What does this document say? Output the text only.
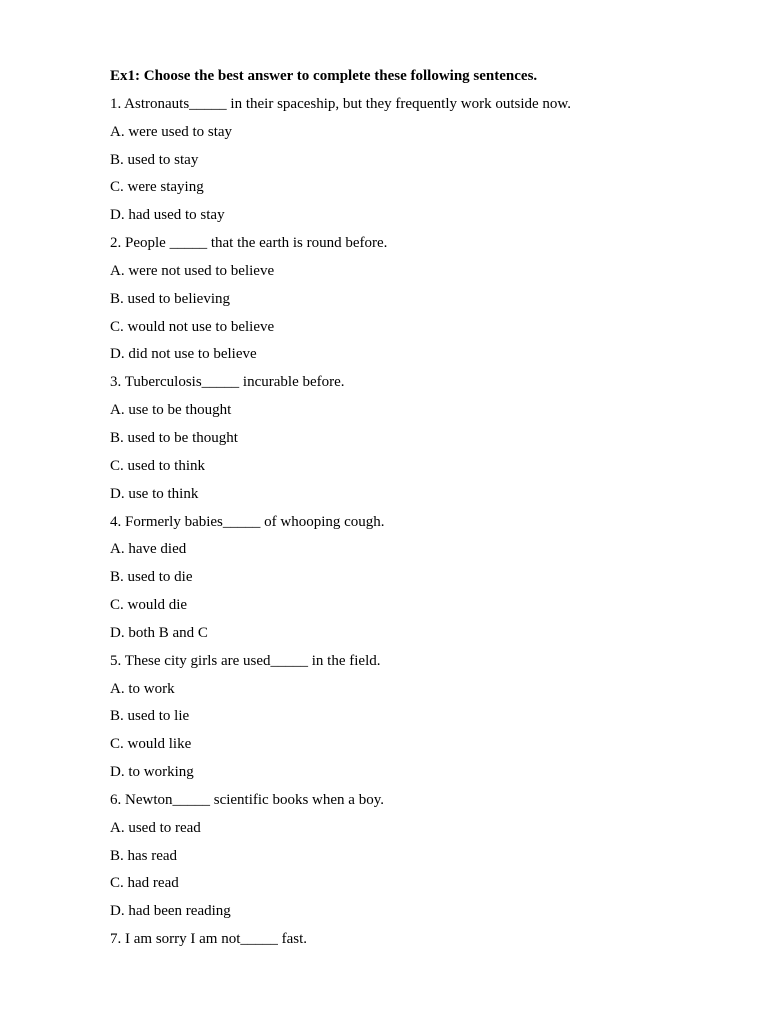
Ex1: Choose the best answer to complete these following sentences.
1. Astronauts_____ in their spaceship, but they frequently work outside now.
A. were used to stay
B. used to stay
C. were staying
D. had used to stay
2. People _____ that the earth is round before.
A. were not used to believe
B. used to believing
C. would not use to believe
D. did not use to believe
3. Tuberculosis_____ incurable before.
A. use to be thought
B. used to be thought
C. used to think
D. use to think
4. Formerly babies_____ of whooping cough.
A. have died
B. used to die
C. would die
D. both B and C
5. These city girls are used_____ in the field.
A. to work
B. used to lie
C. would like
D. to working
6. Newton_____ scientific books when a boy.
A. used to read
B. has read
C. had read
D. had been reading
7. I am sorry I am not_____ fast.
